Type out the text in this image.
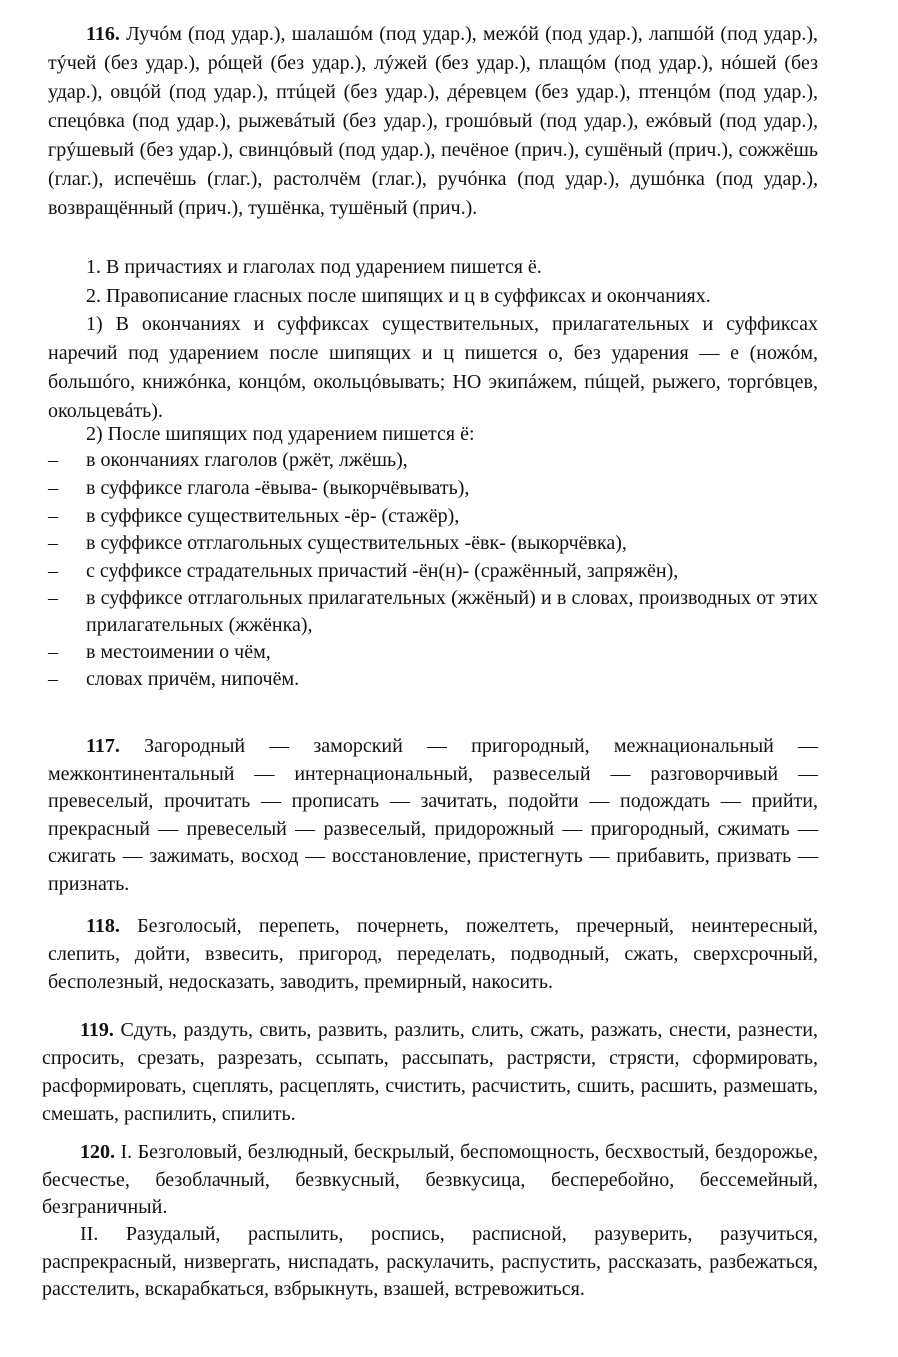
116. Лучóм (под удар.), шалашóм (под удар.), межóй (под удар.), лапшóй (под удар.), тýчей (без удар.), рóщей (без удар.), лýжей (без удар.), плащóм (под удар.), нóшей (без удар.), овцóй (под удар.), птúцей (без удар.), дéревцем (без удар.), птенцóм (под удар.), спецóвка (под удар.), рыжевáтый (без удар.), грошóвый (под удар.), ежóвый (под удар.), грýшевый (без удар.), свинцóвый (под удар.), печёное (прич.), сушёный (прич.), сожжёшь (глаг.), испечёшь (глаг.), растолчём (глаг.), ручóнка (под удар.), душóнка (под удар.), возвращённый (прич.), тушёнка, тушёный (прич.).
1. В причастиях и глаголах под ударением пишется ё.
2. Правописание гласных после шипящих и ц в суффиксах и окончаниях.
1) В окончаниях и суффиксах существительных, прилагательных и суффиксах наречий под ударением после шипящих и ц пишется о, без ударения — е (ножóм, большóго, книжóнка, концóм, окольцóвывать; НО экипáжем, пúщей, рыжего, торгóвцев, окольцевáть).
2) После шипящих под ударением пишется ё:
– в окончаниях глаголов (ржёт, лжёшь),
– в суффиксе глагола -ёвыва- (выкорчёвывать),
– в суффиксе существительных -ёр- (стажёр),
– в суффиксе отглагольных существительных -ёвк- (выкорчёвка),
– с суффиксе страдательных причастий -ён(н)- (сражённый, запряжён),
– в суффиксе отглагольных прилагательных (жжёный) и в словах, производных от этих прилагательных (жжёнка),
– в местоимении о чём,
– словах причём, нипочём.
117. Загородный — заморский — пригородный, межнациональный — межконтинентальный — интернациональный, развеселый — разговорчивый — превеселый, прочитать — прописать — зачитать, подойти — подождать — прийти, прекрасный — превеселый — развеселый, придорожный — пригородный, сжимать — сжигать — зажимать, восход — восстановление, пристегнуть — прибавить, призвать — признать.
118. Безголосый, перепеть, почернеть, пожелтеть, пречерный, неинтересный, слепить, дойти, взвесить, пригород, переделать, подводный, сжать, сверхсрочный, бесполезный, недосказать, заводить, премирный, накосить.
119. Сдуть, раздуть, свить, развить, разлить, слить, сжать, разжать, снести, разнести, спросить, срезать, разрезать, ссыпать, рассыпать, растрясти, стрясти, сформировать, расформировать, сцеплять, расцеплять, счистить, расчистить, сшить, расшить, размешать, смешать, распилить, спилить.
120. I. Безголовый, безлюдный, бескрылый, беспомощность, бесхвостый, бездорожье, бесчестье, безоблачный, безвкусный, безвкусица, бесперебойно, бессемейный, безграничный.
II. Разудалый, распылить, роспись, расписной, разуверить, разучиться, распрекрасный, низвергать, ниспадать, раскулачить, распустить, рассказать, разбежаться, расстелить, вскарабкаться, взбрыкнуть, взашей, встревожиться.
